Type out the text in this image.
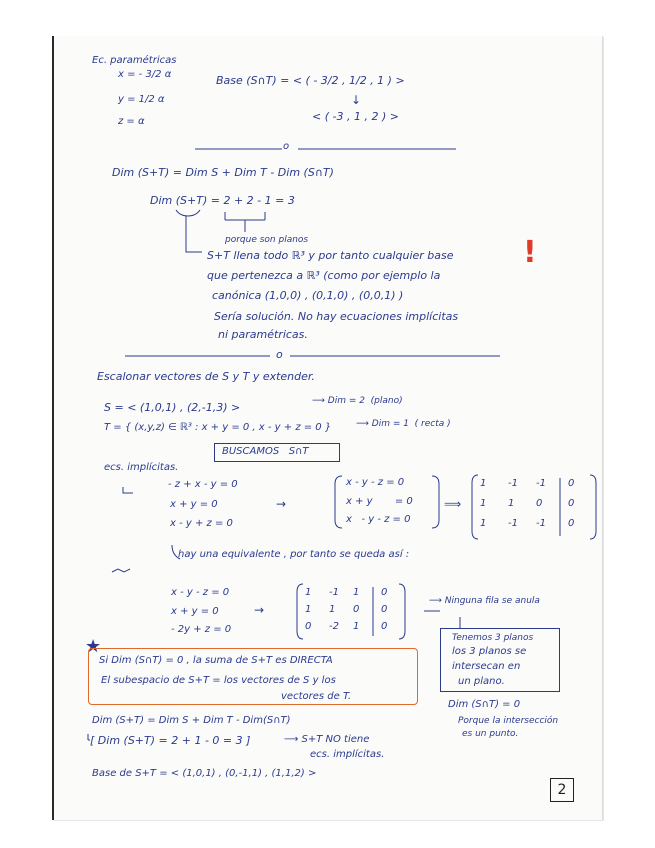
Ec. paramétricas
x = - 3/2 α
y = 1/2 α
z = α
Base (S∩T) = < ( - 3/2 , 1/2 , 1 ) >
↓
< ( -3 , 1 , 2 ) >
o
Dim (S+T) = Dim S + Dim T - Dim (S∩T)
Dim (S+T) = 2 + 2 - 1 = 3
porque son planos
S+T llena todo ℝ³ y por tanto cualquier base
que pertenezca a ℝ³ (como por ejemplo la
canónica (1,0,0) , (0,1,0) , (0,0,1) )
Sería solución. No hay ecuaciones implícitas
ni paramétricas.
!
o
Escalonar vectores de S y T y extender.
S = < (1,0,1) , (2,-1,3) >	⟶ Dim = 2  (plano)
T = { (x,y,z) ∈ ℝ³ : x + y = 0 , x - y + z = 0 }	⟶ Dim = 1  ( recta )
BUSCAMOS   S∩T
ecs. implícitas.
- z + x - y = 0
x + y = 0
x - y + z = 0
→
x - y - z = 0
x + y       = 0
x   - y - z = 0
⟹
1 -1 -1 0
1 1 0	0
1 -1 -1 0
hay una equivalente , por tanto se queda así :
x - y - z = 0
x + y = 0
- 2y + z = 0
→
1 -1 1 0
1 1 0 0
0 -2 1 0
⟶ Ninguna fila se anula
Tenemos 3 planos
los 3 planos se
intersecan en
un plano.
★
Si Dim (S∩T) = 0 , la suma de S+T es DIRECTA
El subespacio de S+T = los vectores de S y los
vectores de T.
Dim (S∩T) = 0
Porque la intersección
es un punto.
Dim (S+T) = Dim S + Dim T - Dim(S∩T)
[ Dim (S+T) = 2 + 1 - 0 = 3 ]	⟶ S+T NO tiene
ecs. implícitas.
Base de S+T = < (1,0,1) , (0,-1,1) , (1,1,2) >
2
